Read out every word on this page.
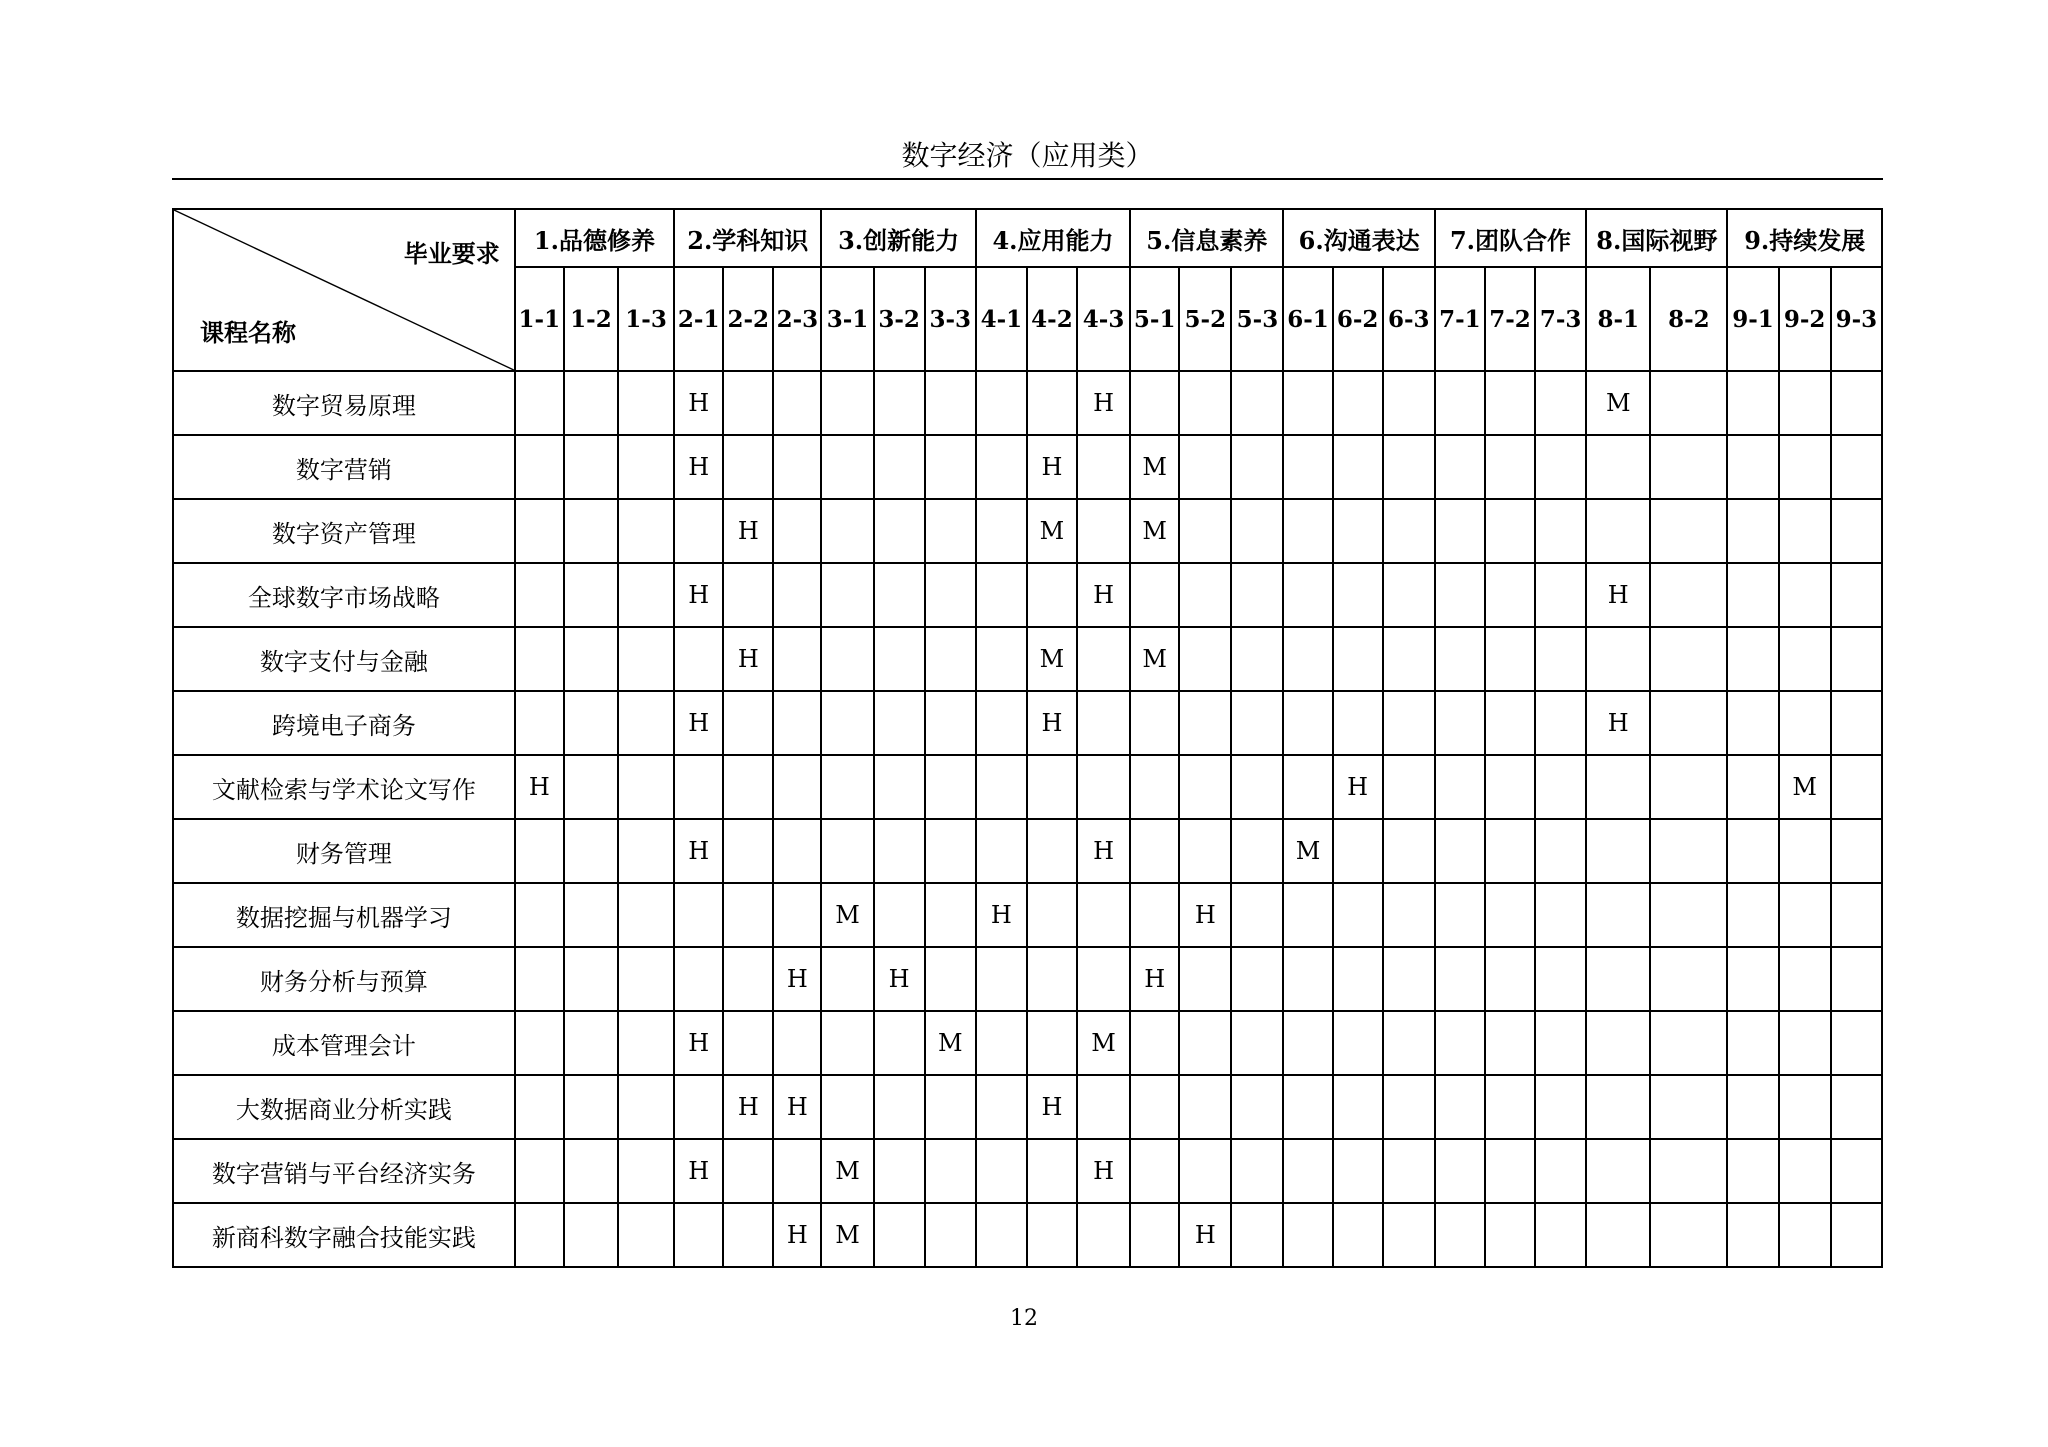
数字经济（应用类）
毕业要求
课程名称	1.品德修养			2.学科知识			3.创新能力			4.应用能力			5.信息素养			6.沟通表达			7.团队合作			8.国际视野		9.持续发展		
	1-1	1-2	1-3	2-1	2-2	2-3	3-1	3-2	3-3	4-1	4-2	4-3	5-1	5-2	5-3	6-1	6-2	6-3	7-1	7-2	7-3	8-1	8-2	9-1	9-2	9-3
数字贸易原理				H								H										M				
数字营销				H							H		M													
数字资产管理					H						M		M													
全球数字市场战略				H								H										H				
数字支付与金融					H						M		M													
跨境电子商务				H							H											H				
文献检索与学术论文写作	H																H								M	
财务管理				H								H				M										
数据挖掘与机器学习							M			H				H												
财务分析与预算						H		H					H													
成本管理会计				H					M			M														
大数据商业分析实践					H	H					H															
数字营销与平台经济实务				H			M					H														
新商科数字融合技能实践						H	M							H												
12
